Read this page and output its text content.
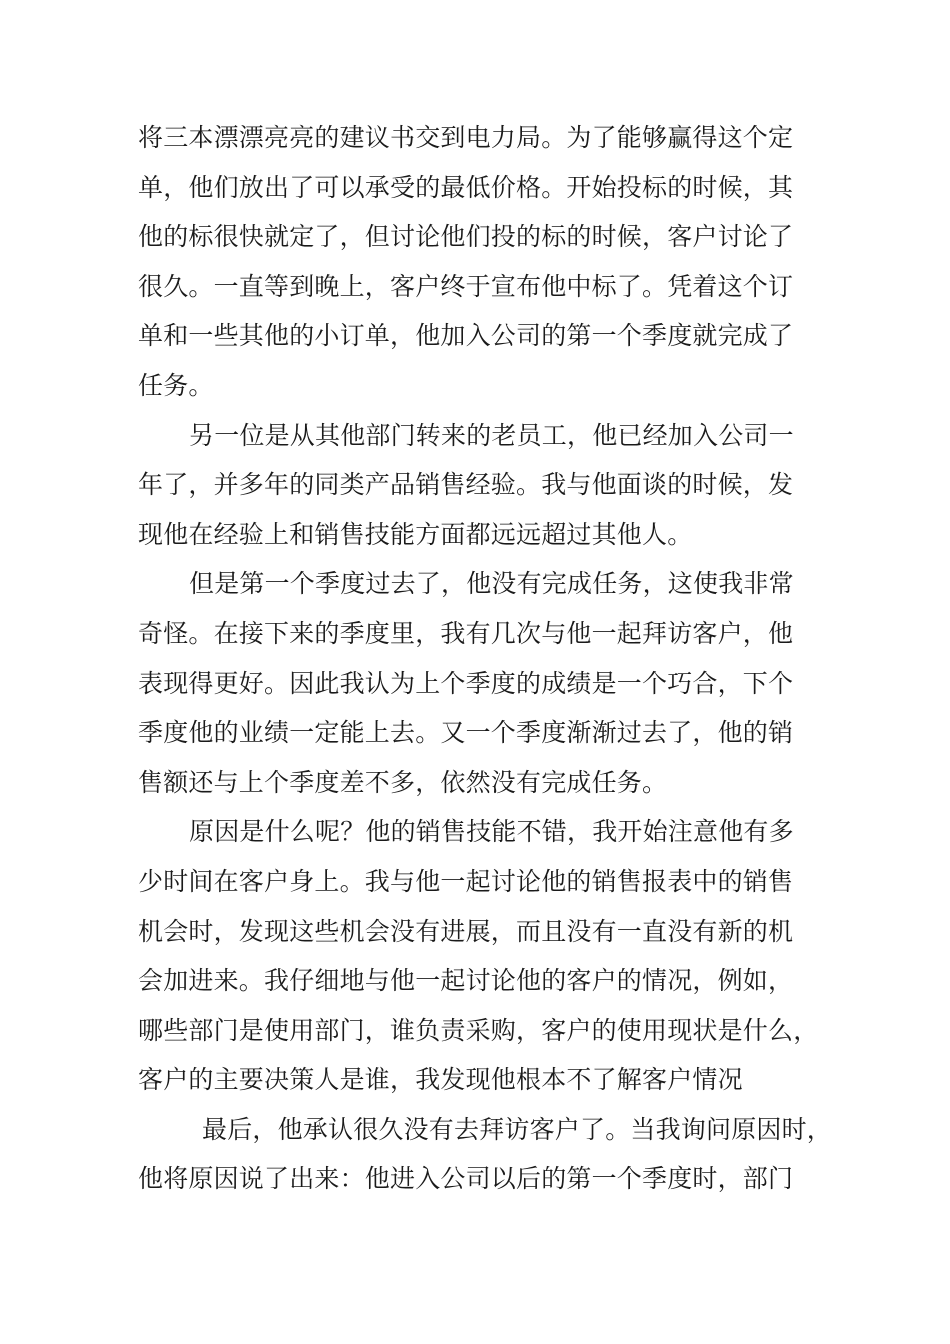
将三本漂漂亮亮的建议书交到电力局。为了能够赢得这个定
单，他们放出了可以承受的最低价格。开始投标的时候，其
他的标很快就定了，但讨论他们投的标的时候，客户讨论了
很久。一直等到晚上，客户终于宣布他中标了。凭着这个订
单和一些其他的小订单，他加入公司的第一个季度就完成了
任务。
另一位是从其他部门转来的老员工，他已经加入公司一
年了，并多年的同类产品销售经验。我与他面谈的时候，发
现他在经验上和销售技能方面都远远超过其他人。
但是第一个季度过去了，他没有完成任务，这使我非常
奇怪。在接下来的季度里，我有几次与他一起拜访客户，他
表现得更好。因此我认为上个季度的成绩是一个巧合，下个
季度他的业绩一定能上去。又一个季度渐渐过去了，他的销
售额还与上个季度差不多，依然没有完成任务。
原因是什么呢？他的销售技能不错，我开始注意他有多
少时间在客户身上。我与他一起讨论他的销售报表中的销售
机会时，发现这些机会没有进展，而且没有一直没有新的机
会加进来。我仔细地与他一起讨论他的客户的情况，例如，
哪些部门是使用部门，谁负责采购，客户的使用现状是什么，
客户的主要决策人是谁，我发现他根本不了解客户情况
最后，他承认很久没有去拜访客户了。当我询问原因时，
他将原因说了出来：他进入公司以后的第一个季度时，部门
